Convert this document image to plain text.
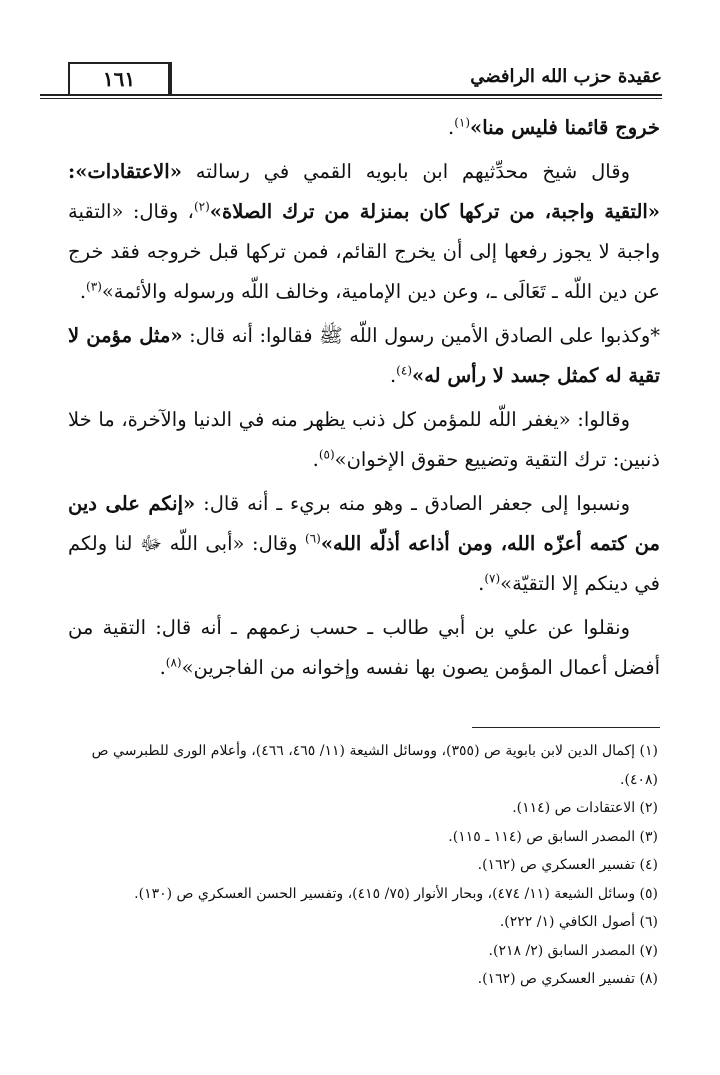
عقيدة حزب الله الرافضي
١٦١

خروج قائمنا فليس منا»$^{(١)}$.

وقال شيخ محدِّثيهم ابن بابويه القمي في رسالته «الاعتقادات»: «التقية واجبة، من تركها كان بمنزلة من ترك الصلاة»$^{(٢)}$، وقال: «التقية واجبة لا يجوز رفعها إلى أن يخرج القائم، فمن تركها قبل خروجه فقد خرج عن دين اللّه ـ تَعَالَى ـ، وعن دين الإمامية، وخالف اللّه ورسوله والأئمة»$^{(٣)}$.

*وكذبوا على الصادق الأمين رسول اللّه ﷺ فقالوا: أنه قال: «مثل مؤمن لا تقية له كمثل جسد لا رأس له»$^{(٤)}$.

وقالوا: «يغفر اللّه للمؤمن كل ذنب يظهر منه في الدنيا والآخرة، ما خلا ذنبين: ترك التقية وتضييع حقوق الإخوان»$^{(٥)}$.

ونسبوا إلى جعفر الصادق ـ وهو منه بريء ـ أنه قال: «إنكم على دين من كتمه أعزّه الله، ومن أذاعه أذلّه الله»$^{(٦)}$ وقال: «أبى اللّه ﷻ لنا ولكم في دينكم إلا التقيّة»$^{(٧)}$.

ونقلوا عن علي بن أبي طالب ـ حسب زعمهم ـ أنه قال: التقية من أفضل أعمال المؤمن يصون بها نفسه وإخوانه من الفاجرين»$^{(٨)}$.

(١) إكمال الدين لابن بابوية ص (٣٥٥)، ووسائل الشيعة (١١/ ٤٦٥، ٤٦٦)، وأعلام الورى للطبرسي ص (٤٠٨).
(٢) الاعتقادات ص (١١٤).
(٣) المصدر السابق ص (١١٤ ـ ١١٥).
(٤) تفسير العسكري ص (١٦٢).
(٥) وسائل الشيعة (١١/ ٤٧٤)، وبحار الأنوار (٧٥/ ٤١٥)، وتفسير الحسن العسكري ص (١٣٠).
(٦) أصول الكافي (١/ ٢٢٢).
(٧) المصدر السابق (٢/ ٢١٨).
(٨) تفسير العسكري ص (١٦٢).
